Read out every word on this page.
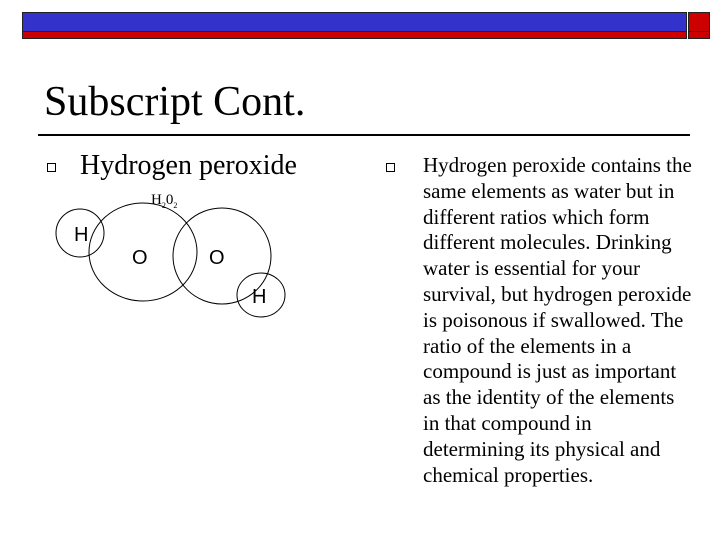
Subscript Cont.
Hydrogen peroxide
$H_20_2$
H
O	O
H

Hydrogen peroxide contains the same elements as water but in different ratios which form different molecules. Drinking water is essential for your survival, but hydrogen peroxide is poisonous if swallowed. The ratio of the elements in a compound is just as important as the identity of the elements in that compound in determining its physical and chemical properties.
